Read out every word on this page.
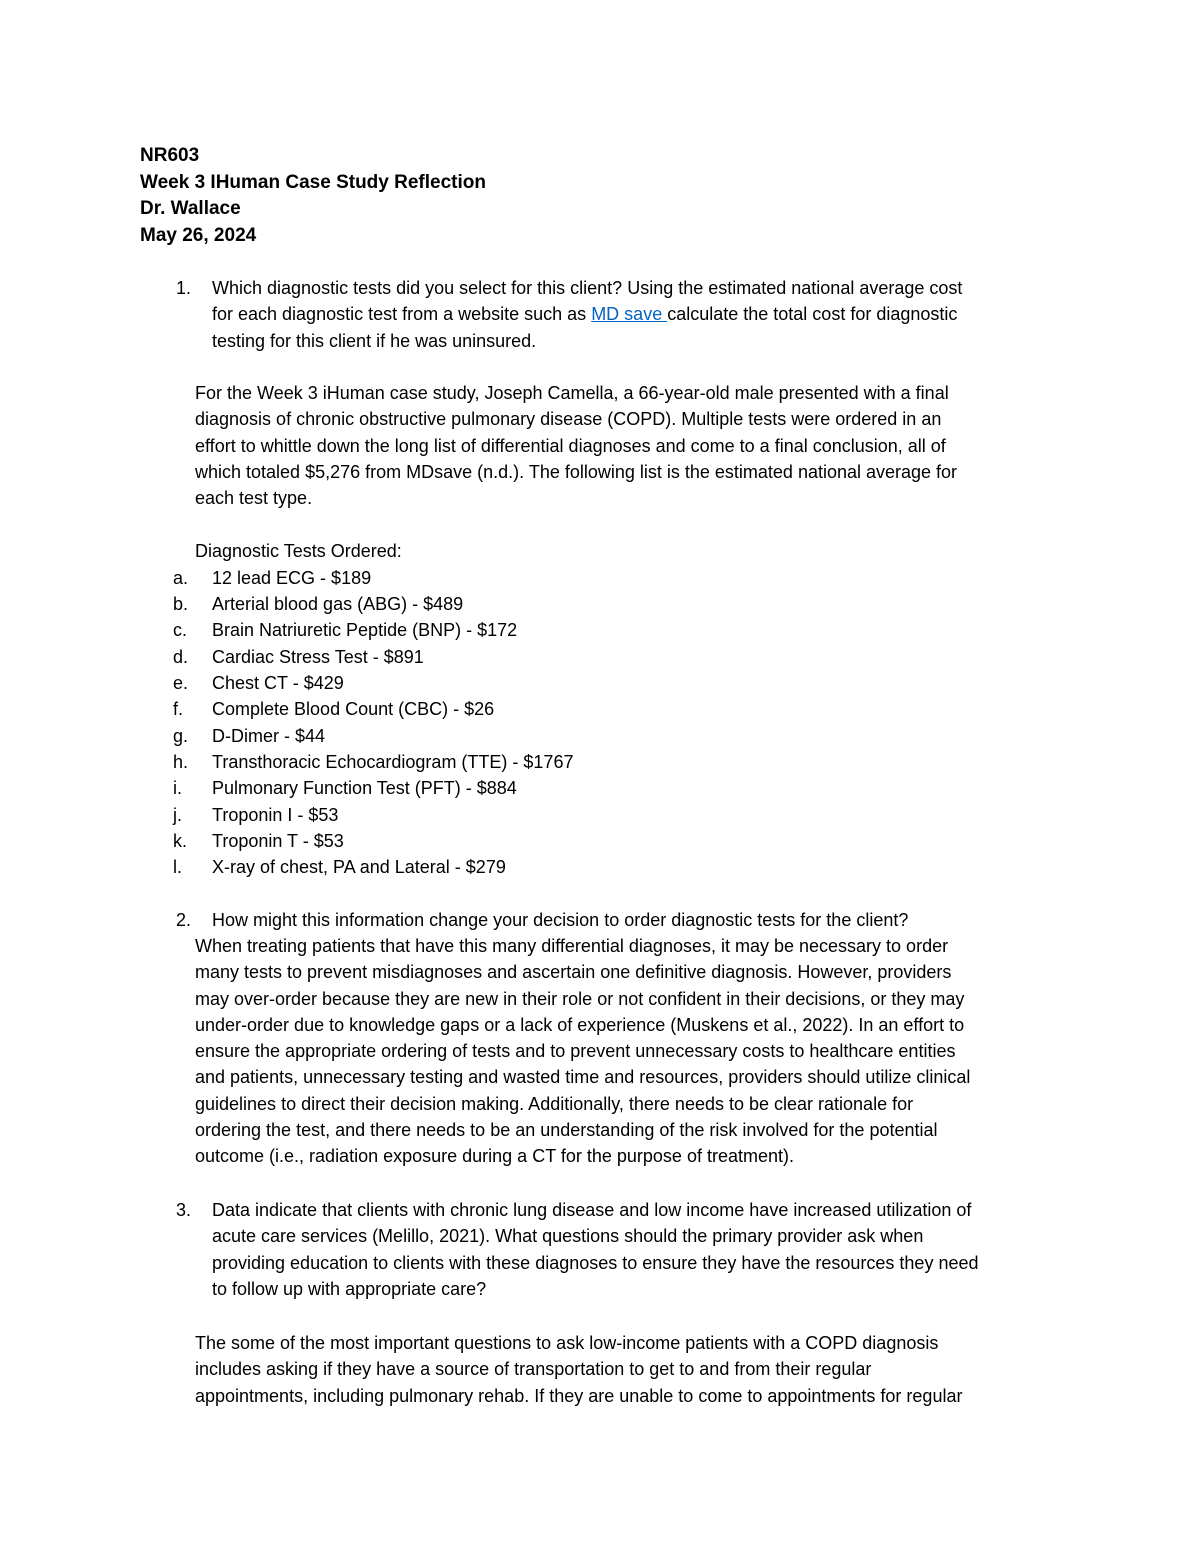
NR603
Week 3 IHuman Case Study Reflection
Dr. Wallace
May 26, 2024
1. Which diagnostic tests did you select for this client? Using the estimated national average cost
for each diagnostic test from a website such as MD save calculate the total cost for diagnostic
testing for this client if he was uninsured.
For the Week 3 iHuman case study, Joseph Camella, a 66-year-old male presented with a final
diagnosis of chronic obstructive pulmonary disease (COPD). Multiple tests were ordered in an
effort to whittle down the long list of differential diagnoses and come to a final conclusion, all of
which totaled $5,276 from MDsave (n.d.). The following list is the estimated national average for
each test type.
Diagnostic Tests Ordered:
a.	12 lead ECG - $189
b.	Arterial blood gas (ABG) - $489
c.	Brain Natriuretic Peptide (BNP) - $172
d.	Cardiac Stress Test - $891
e.	Chest CT - $429
f.	Complete Blood Count (CBC) - $26
g.	D-Dimer - $44
h.	Transthoracic Echocardiogram (TTE) - $1767
i.	Pulmonary Function Test (PFT) - $884
j.	Troponin I - $53
k.	Troponin T - $53
l.	X-ray of chest, PA and Lateral - $279
2. How might this information change your decision to order diagnostic tests for the client?
When treating patients that have this many differential diagnoses, it may be necessary to order
many tests to prevent misdiagnoses and ascertain one definitive diagnosis. However, providers
may over-order because they are new in their role or not confident in their decisions, or they may
under-order due to knowledge gaps or a lack of experience (Muskens et al., 2022). In an effort to
ensure the appropriate ordering of tests and to prevent unnecessary costs to healthcare entities
and patients, unnecessary testing and wasted time and resources, providers should utilize clinical
guidelines to direct their decision making. Additionally, there needs to be clear rationale for
ordering the test, and there needs to be an understanding of the risk involved for the potential
outcome (i.e., radiation exposure during a CT for the purpose of treatment).
3. Data indicate that clients with chronic lung disease and low income have increased utilization of
acute care services (Melillo, 2021). What questions should the primary provider ask when
providing education to clients with these diagnoses to ensure they have the resources they need
to follow up with appropriate care?
The some of the most important questions to ask low-income patients with a COPD diagnosis
includes asking if they have a source of transportation to get to and from their regular
appointments, including pulmonary rehab. If they are unable to come to appointments for regular
